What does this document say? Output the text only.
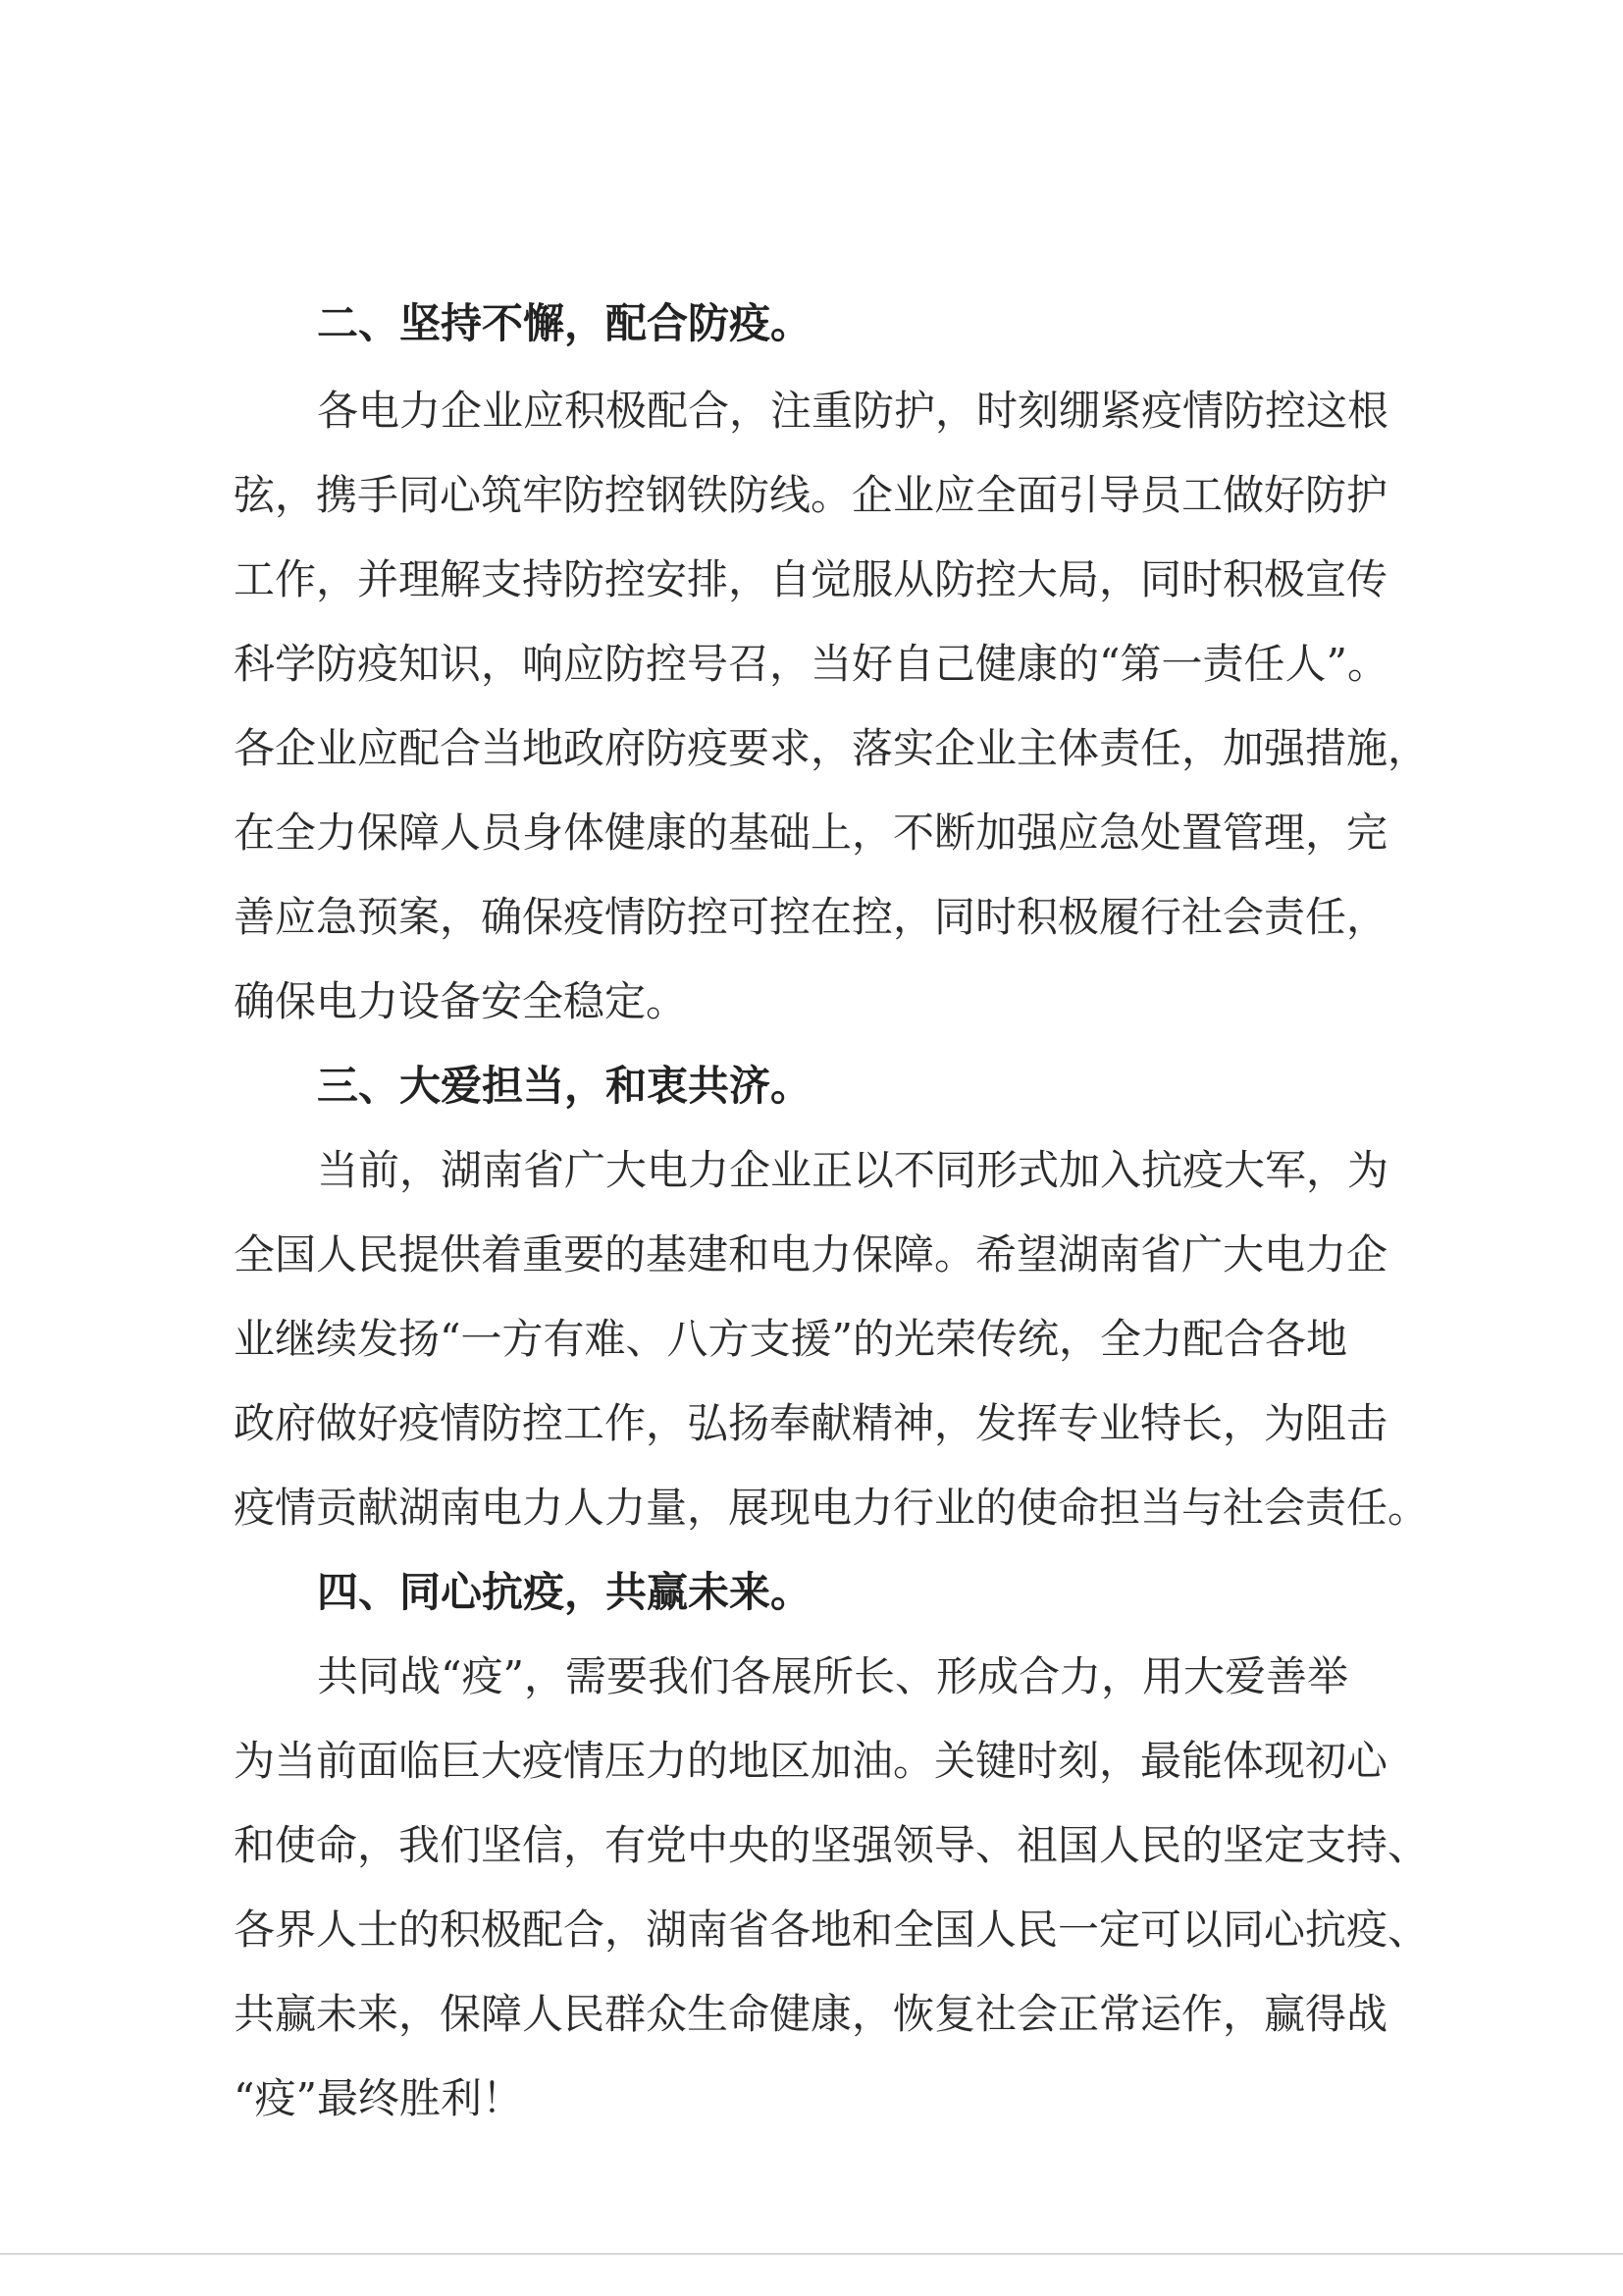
二、坚持不懈，配合防疫。
各电力企业应积极配合，注重防护，时刻绷紧疫情防控这根
弦，携手同心筑牢防控钢铁防线。企业应全面引导员工做好防护
工作，并理解支持防控安排，自觉服从防控大局，同时积极宣传
科学防疫知识，响应防控号召，当好自己健康的“第一责任人”。
各企业应配合当地政府防疫要求，落实企业主体责任，加强措施，
在全力保障人员身体健康的基础上，不断加强应急处置管理，完
善应急预案，确保疫情防控可控在控，同时积极履行社会责任，
确保电力设备安全稳定。
三、大爱担当，和衷共济。
当前，湖南省广大电力企业正以不同形式加入抗疫大军，为
全国人民提供着重要的基建和电力保障。希望湖南省广大电力企
业继续发扬“一方有难、八方支援”的光荣传统，全力配合各地
政府做好疫情防控工作，弘扬奉献精神，发挥专业特长，为阻击
疫情贡献湖南电力人力量，展现电力行业的使命担当与社会责任。
四、同心抗疫，共赢未来。
共同战“疫”，需要我们各展所长、形成合力，用大爱善举
为当前面临巨大疫情压力的地区加油。关键时刻，最能体现初心
和使命，我们坚信，有党中央的坚强领导、祖国人民的坚定支持、
各界人士的积极配合，湖南省各地和全国人民一定可以同心抗疫、
共赢未来，保障人民群众生命健康，恢复社会正常运作，赢得战
“疫”最终胜利！
